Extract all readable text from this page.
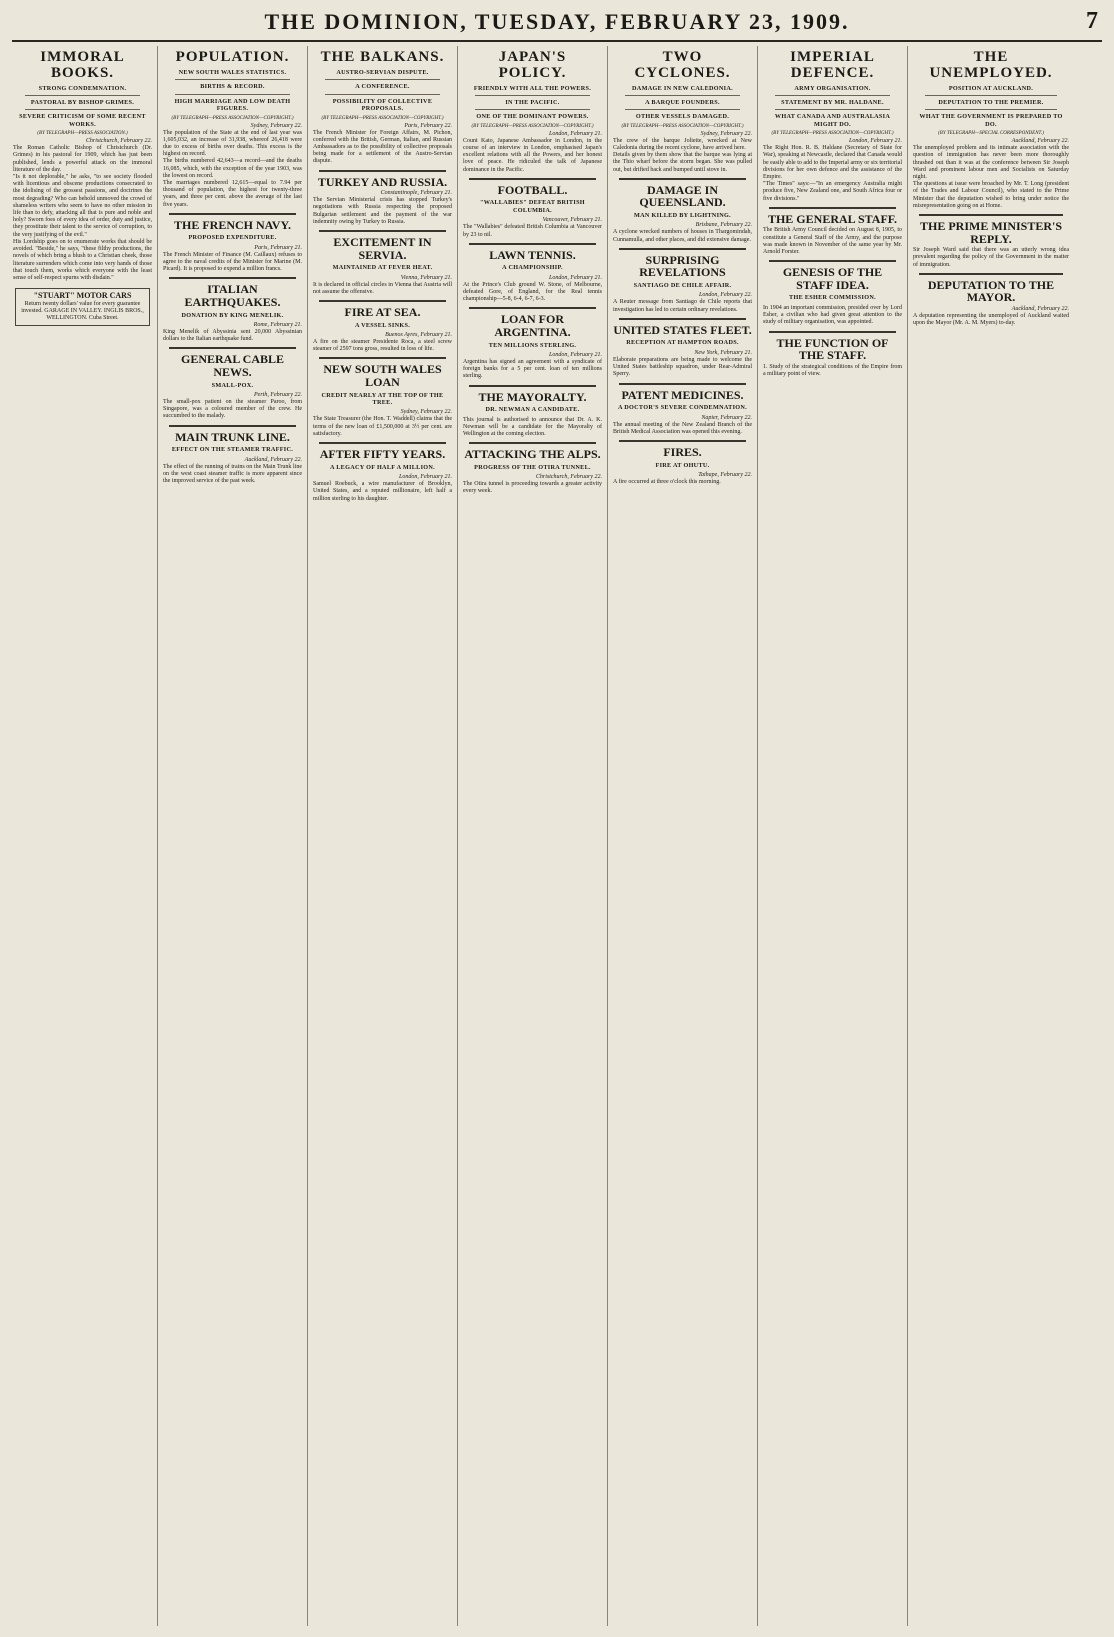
THE DOMINION, TUESDAY, FEBRUARY 23, 1909.	7
IMMORAL BOOKS.
STRONG CONDEMNATION.
PASTORAL BY BISHOP GRIMES.
SEVERE CRITICISM OF SOME RECENT WORKS.
(BY TELEGRAPH—PRESS ASSOCIATION.)
Christchurch, February 22.

The Roman Catholic Bishop of Christchurch (Dr. Grimes) in his pastoral for 1909, which has just been published, lends a powerful attack on the immoral literature of the day.

"Is it not deplorable," he asks, "to see society flooded with licentious and obscene productions consecrated to the idolising of the grossest passions, and doctrines the most degrading? Who can behold unmoved the crowd of shameless writers who seem to have no other mission in life than to defy, attacking all that is pure and noble and holy? Sworn foes of every idea of order, duty and justice, they prostitute their talent to the service of corruption, to the very justifying of the evil."

His Lordship goes on to enumerate works that should be avoided. "Beside," he says, "these filthy productions, the novels of which bring a blush to a Christian cheek, those literature surrenders which come into very hands of those that touch them, works which everyone with the least sense of self-respect spurns with disdain."

"STUART" MOTOR CARS
Return twenty dollars' value for every guarantee invested. GARAGE IN VALLEY. INGLIS BROS., WELLINGTON. Cuba Street.
POPULATION.
NEW SOUTH WALES STATISTICS.
BIRTHS & RECORD.
HIGH MARRIAGE AND LOW DEATH FIGURES.
(BY TELEGRAPH—PRESS ASSOCIATION—COPYRIGHT.)
Sydney, February 22.

The population of the State at the end of last year was 1,605,032, an increase of 31,938, whereof 26,418 were due to excess of births over deaths. This excess is the highest on record.

The births numbered 42,643—a record—and the deaths 16,085, which, with the exception of the year 1903, was the lowest on record.

The marriages numbered 12,615—equal to 7.94 per thousand of population, the highest for twenty-three years, and three per cent. above the average of the last five years.

THE FRENCH NAVY.
PROPOSED EXPENDITURE.
Paris, February 21.

The French Minister of Finance (M. Caillaux) refuses to agree to the naval credits of the Minister for Marine (M. Picard). It is proposed to expend a million francs.

ITALIAN EARTHQUAKES.
DONATION BY KING MENELIK.
Rome, February 21.

King Menelik of Abyssinia sent 20,000 Abyssinian dollars to the Italian earthquake fund.

GENERAL CABLE NEWS.
SMALL-POX.
Perth, February 22.

The small-pox patient on the steamer Paroo, from Singapore, was a coloured member of the crew. He succumbed to the malady.

MAIN TRUNK LINE.
EFFECT ON THE STEAMER TRAFFIC.
Auckland, February 22.

The effect of the running of trains on the Main Trunk line on the west coast steamer traffic is more apparent since the improved service of the past week.

THE BALKANS.
AUSTRO-SERVIAN DISPUTE.
A CONFERENCE.
POSSIBILITY OF COLLECTIVE PROPOSALS.
(BY TELEGRAPH—PRESS ASSOCIATION—COPYRIGHT.)
Paris, February 22.

The French Minister for Foreign Affairs, M. Pichon, conferred with the British, German, Italian, and Russian Ambassadors as to the possibility of collective proposals being made for a settlement of the Austro-Servian dispute.

TURKEY AND RUSSIA.
Constantinople, February 21.

The Servian Ministerial crisis has stopped Turkey's negotiations with Russia respecting the proposed Bulgarian settlement and the payment of the war indemnity owing by Turkey to Russia.

EXCITEMENT IN SERVIA.
MAINTAINED AT FEVER HEAT.
Vienna, February 21.

It is declared in official circles in Vienna that Austria will not assume the offensive.

FIRE AT SEA.
A VESSEL SINKS.
Buenos Ayres, February 21.

A fire on the steamer Presidente Roca, a steel screw steamer of 2597 tons gross, resulted in loss of life.

NEW SOUTH WALES LOAN
CREDIT NEARLY AT THE TOP OF THE TREE.
Sydney, February 22.

The State Treasurer (the Hon. T. Waddell) claims that the terms of the new loan of £1,500,000 at 3½ per cent. are satisfactory.

AFTER FIFTY YEARS.
A LEGACY OF HALF A MILLION.
London, February 21.

Samuel Roebuck, a wire manufacturer of Brooklyn, United States, and a reputed millionaire, left half a million sterling to his daughter.

JAPAN'S POLICY.
FRIENDLY WITH ALL THE POWERS.
IN THE PACIFIC.
ONE OF THE DOMINANT POWERS.
(BY TELEGRAPH—PRESS ASSOCIATION—COPYRIGHT.)
London, February 21.

Count Kato, Japanese Ambassador in London, in the course of an interview in London, emphasised Japan's excellent relations with all the Powers, and her honest love of peace. He ridiculed the talk of Japanese dominance in the Pacific.

FOOTBALL.
"WALLABIES" DEFEAT BRITISH COLUMBIA.
Vancouver, February 21.

The "Wallabies" defeated British Columbia at Vancouver by 23 to nil.

LAWN TENNIS.
A CHAMPIONSHIP.
London, February 21.

At the Prince's Club ground W. Stone, of Melbourne, defeated Gore, of England, for the Real tennis championship—5-8, 6-4, 6-7, 6-3.

LOAN FOR ARGENTINA.
TEN MILLIONS STERLING.
London, February 21.

Argentina has signed an agreement with a syndicate of foreign banks for a 5 per cent. loan of ten millions sterling.

THE MAYORALTY.
DR. NEWMAN A CANDIDATE.

This journal is authorised to announce that Dr. A. K. Newman will be a candidate for the Mayoralty of Wellington at the coming election.

ATTACKING THE ALPS.
PROGRESS OF THE OTIRA TUNNEL.
Christchurch, February 22.

The Otira tunnel is proceeding towards a greater activity every week.

TWO CYCLONES.
DAMAGE IN NEW CALEDONIA.
A BARQUE FOUNDERS.
OTHER VESSELS DAMAGED.
(BY TELEGRAPH—PRESS ASSOCIATION—COPYRIGHT.)
Sydney, February 22.

The crew of the barque Joliette, wrecked at New Caledonia during the recent cyclone, have arrived here.

Details given by them show that the barque was lying at the Thio wharf before the storm began. She was pulled out, but drifted back and bumped until stove in.

DAMAGE IN QUEENSLAND.
MAN KILLED BY LIGHTNING.
Brisbane, February 22.

A cyclone wrecked numbers of houses in Thargomindah, Cunnamulla, and other places, and did extensive damage.

SURPRISING REVELATIONS
SANTIAGO DE CHILE AFFAIR.
London, February 22.

A Reuter message from Santiago de Chile reports that investigation has led to certain ordinary revelations.

UNITED STATES FLEET.
RECEPTION AT HAMPTON ROADS.
New York, February 21.

Elaborate preparations are being made to welcome the United States battleship squadron, under Rear-Admiral Sperry.

PATENT MEDICINES.
A DOCTOR'S SEVERE CONDEMNATION.
Napier, February 22.

The annual meeting of the New Zealand Branch of the British Medical Association was opened this evening.

FIRES.
FIRE AT OHUTU.
Taihape, February 22.

A fire occurred at three o'clock this morning.

IMPERIAL DEFENCE.
ARMY ORGANISATION.
STATEMENT BY MR. HALDANE.
WHAT CANADA AND AUSTRALASIA MIGHT DO.
(BY TELEGRAPH—PRESS ASSOCIATION—COPYRIGHT.)
London, February 21.

The Right Hon. R. B. Haldane (Secretary of State for War), speaking at Newcastle, declared that Canada would be easily able to add to the Imperial army or six territorial divisions for her own defence and the assistance of the Empire.

"The Times" says:—"In an emergency Australia might produce five, New Zealand one, and South Africa four or five divisions."

THE GENERAL STAFF.

The British Army Council decided on August 8, 1905, to constitute a General Staff of the Army, and the purpose was made known in November of the same year by Mr. Arnold Forster.

GENESIS OF THE STAFF IDEA.
THE ESHER COMMISSION.

In 1904 an important commission, presided over by Lord Esher, a civilian who had given great attention to the study of military organisation, was appointed.

THE FUNCTION OF THE STAFF.

1. Study of the strategical conditions of the Empire from a military point of view.

THE UNEMPLOYED.
POSITION AT AUCKLAND.
DEPUTATION TO THE PREMIER.
WHAT THE GOVERNMENT IS PREPARED TO DO.
(BY TELEGRAPH—SPECIAL CORRESPONDENT.)
Auckland, February 22.

The unemployed problem and its intimate association with the question of immigration has never been more thoroughly thrashed out than it was at the conference between Sir Joseph Ward and prominent labour men and Socialists on Saturday night.

The questions at issue were broached by Mr. T. Long (president of the Trades and Labour Council), who stated to the Prime Minister that the deputation wished to bring under notice the misrepresentation going on at Home.

THE PRIME MINISTER'S REPLY.

Sir Joseph Ward said that there was an utterly wrong idea prevalent regarding the policy of the Government in the matter of immigration.

DEPUTATION TO THE MAYOR.
Auckland, February 22.

A deputation representing the unemployed of Auckland waited upon the Mayor (Mr. A. M. Myers) to-day.
